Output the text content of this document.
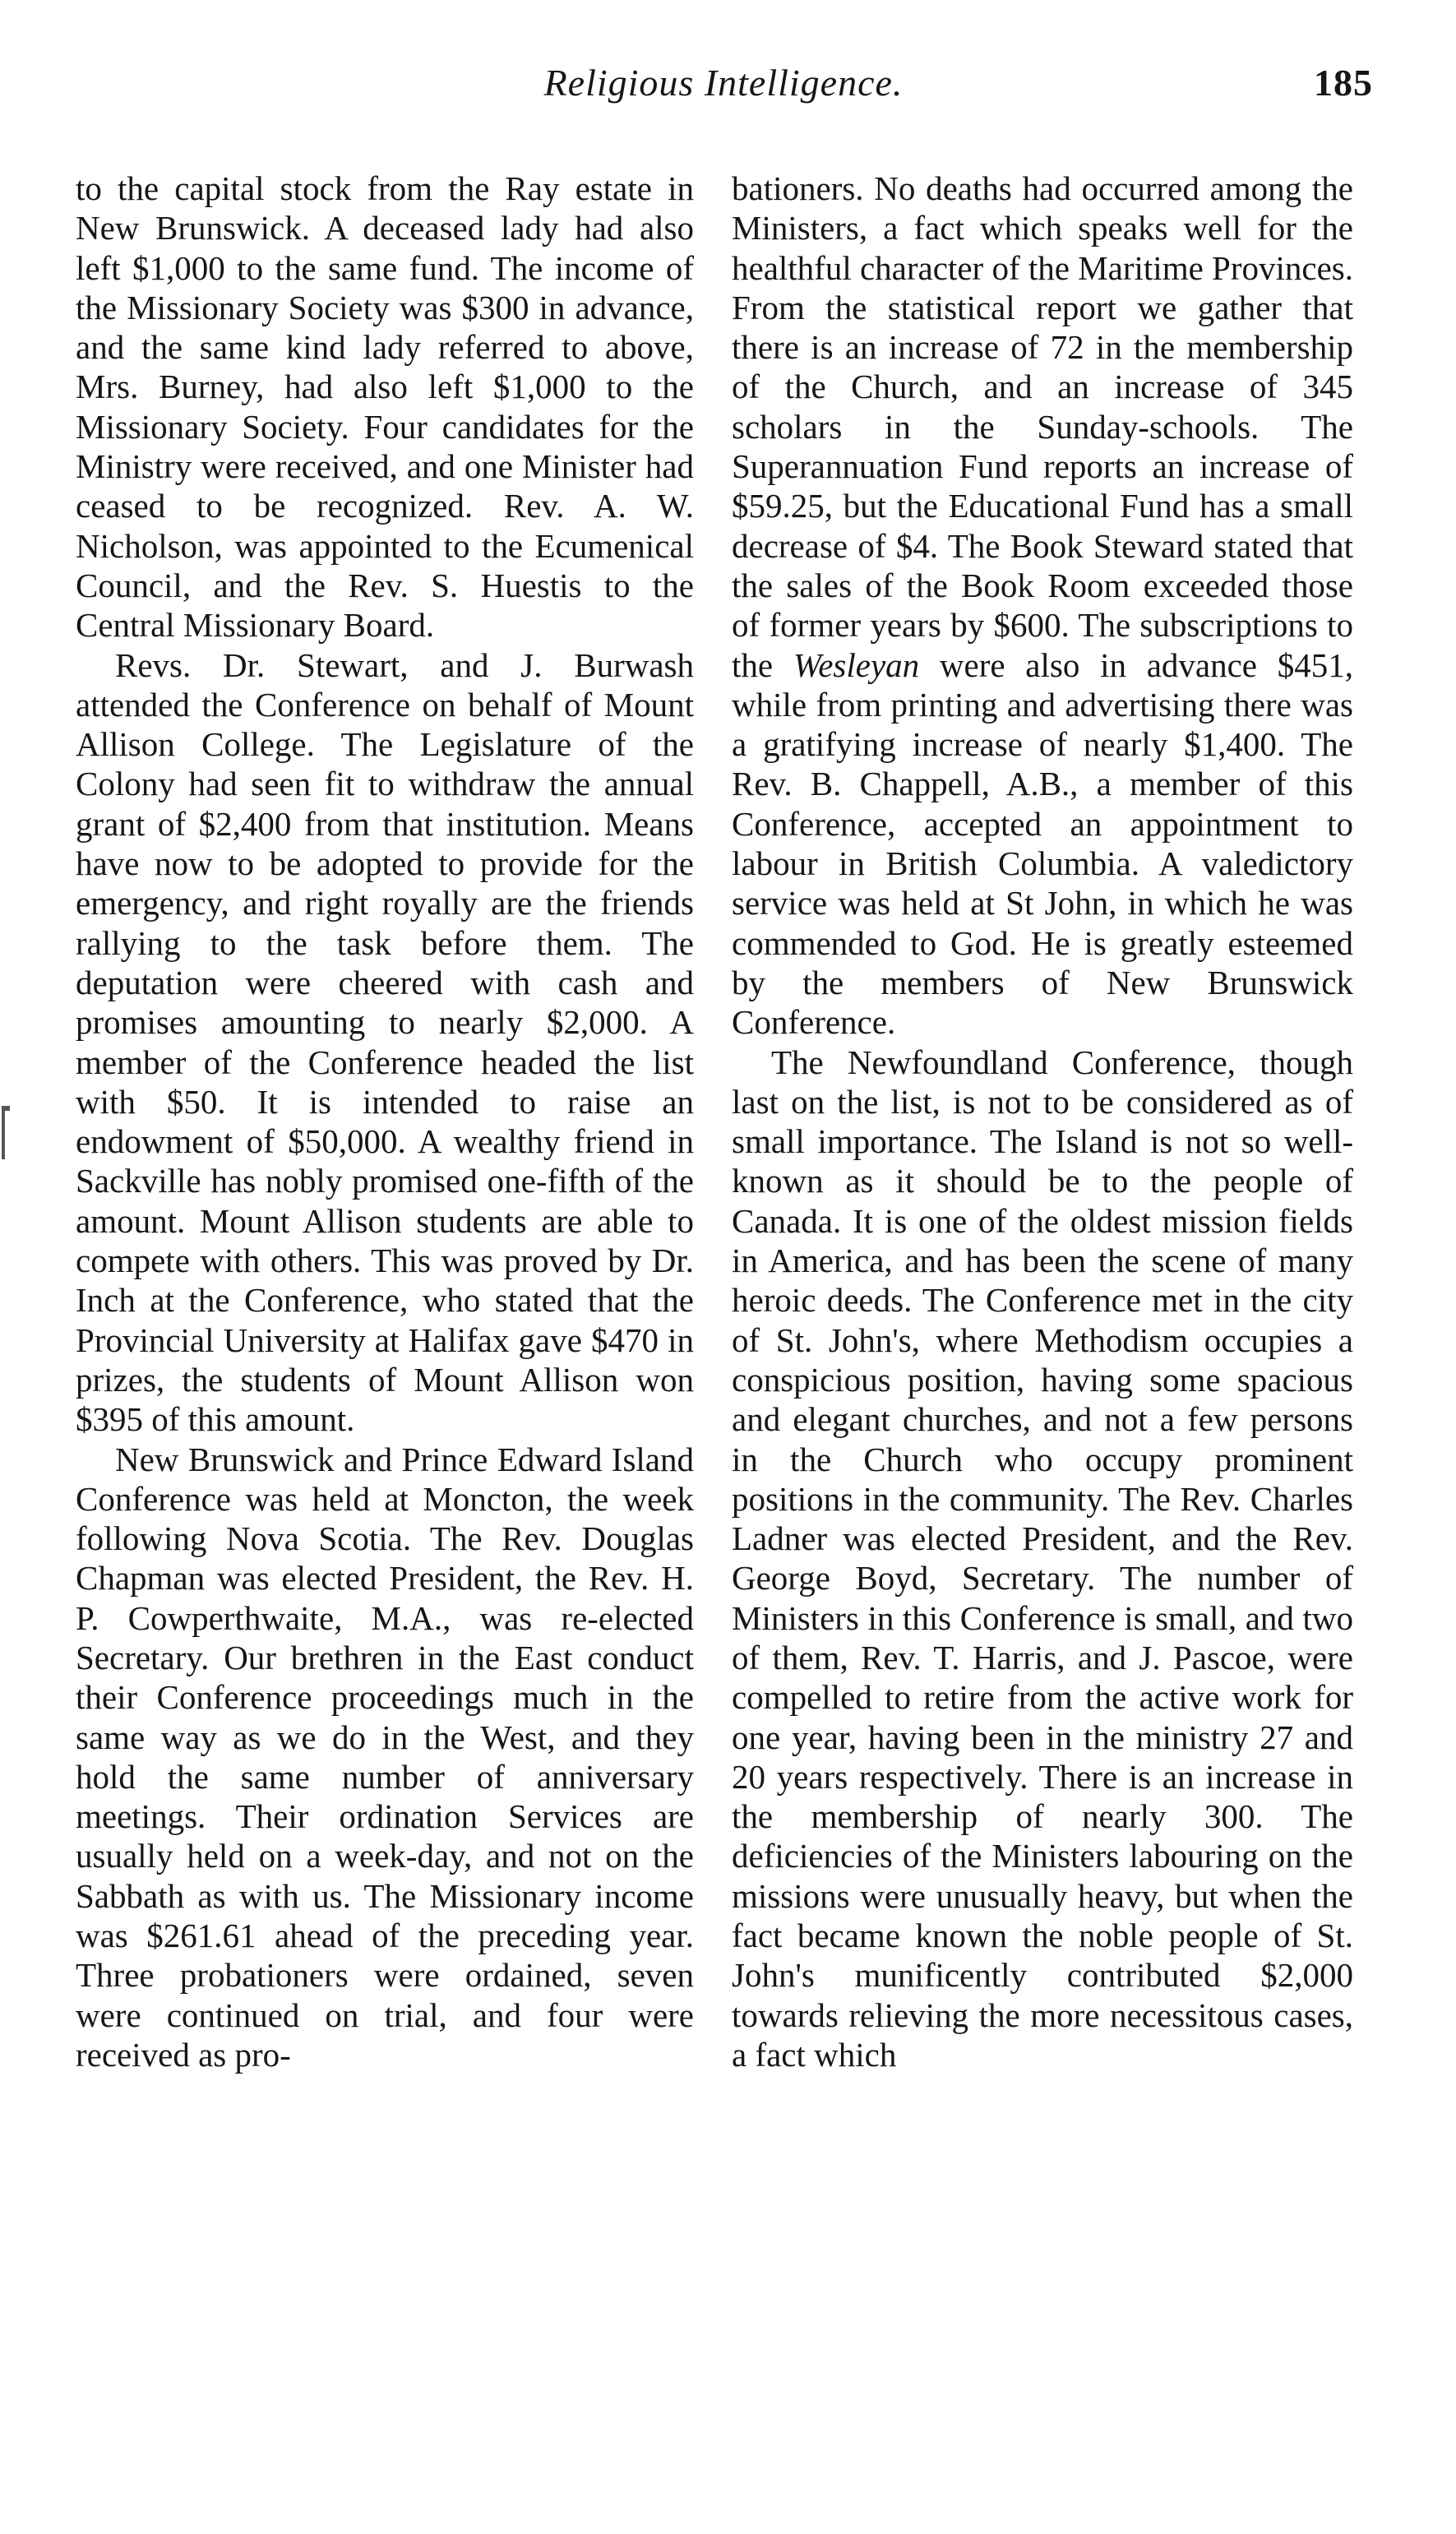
Religious Intelligence.	185

to the capital stock from the Ray estate in New Brunswick. A deceased lady had also left $1,000 to the same fund. The income of the Missionary Society was $300 in advance, and the same kind lady referred to above, Mrs. Burney, had also left $1,000 to the Missionary Society. Four candidates for the Ministry were received, and one Minister had ceased to be recognized. Rev. A. W. Nicholson, was appointed to the Ecumenical Council, and the Rev. S. Huestis to the Central Missionary Board.

Revs. Dr. Stewart, and J. Burwash attended the Conference on behalf of Mount Allison College. The Legislature of the Colony had seen fit to withdraw the annual grant of $2,400 from that institution. Means have now to be adopted to provide for the emergency, and right royally are the friends rallying to the task before them. The deputation were cheered with cash and promises amounting to nearly $2,000. A member of the Conference headed the list with $50. It is intended to raise an endowment of $50,000. A wealthy friend in Sackville has nobly promised one-fifth of the amount. Mount Allison students are able to compete with others. This was proved by Dr. Inch at the Conference, who stated that the Provincial University at Halifax gave $470 in prizes, the students of Mount Allison won $395 of this amount.

New Brunswick and Prince Edward Island Conference was held at Moncton, the week following Nova Scotia. The Rev. Douglas Chapman was elected President, the Rev. H. P. Cowperthwaite, M.A., was re-elected Secretary. Our brethren in the East conduct their Conference proceedings much in the same way as we do in the West, and they hold the same number of anniversary meetings. Their ordination Services are usually held on a week-day, and not on the Sabbath as with us. The Missionary income was $261.61 ahead of the preceding year. Three probationers were ordained, seven were continued on trial, and four were received as pro-

bationers. No deaths had occurred among the Ministers, a fact which speaks well for the healthful character of the Maritime Provinces. From the statistical report we gather that there is an increase of 72 in the membership of the Church, and an increase of 345 scholars in the Sunday-schools. The Superannuation Fund reports an increase of $59.25, but the Educational Fund has a small decrease of $4. The Book Steward stated that the sales of the Book Room exceeded those of former years by $600. The subscriptions to the Wesleyan were also in advance $451, while from printing and advertising there was a gratifying increase of nearly $1,400. The Rev. B. Chappell, A.B., a member of this Conference, accepted an appointment to labour in British Columbia. A valedictory service was held at St John, in which he was commended to God. He is greatly esteemed by the members of New Brunswick Conference.

The Newfoundland Conference, though last on the list, is not to be considered as of small importance. The Island is not so well-known as it should be to the people of Canada. It is one of the oldest mission fields in America, and has been the scene of many heroic deeds. The Conference met in the city of St. John's, where Methodism occupies a conspicious position, having some spacious and elegant churches, and not a few persons in the Church who occupy prominent positions in the community. The Rev. Charles Ladner was elected President, and the Rev. George Boyd, Secretary. The number of Ministers in this Conference is small, and two of them, Rev. T. Harris, and J. Pascoe, were compelled to retire from the active work for one year, having been in the ministry 27 and 20 years respectively. There is an increase in the membership of nearly 300. The deficiencies of the Ministers labouring on the missions were unusually heavy, but when the fact became known the noble people of St. John's munificently contributed $2,000 towards relieving the more necessitous cases, a fact which
